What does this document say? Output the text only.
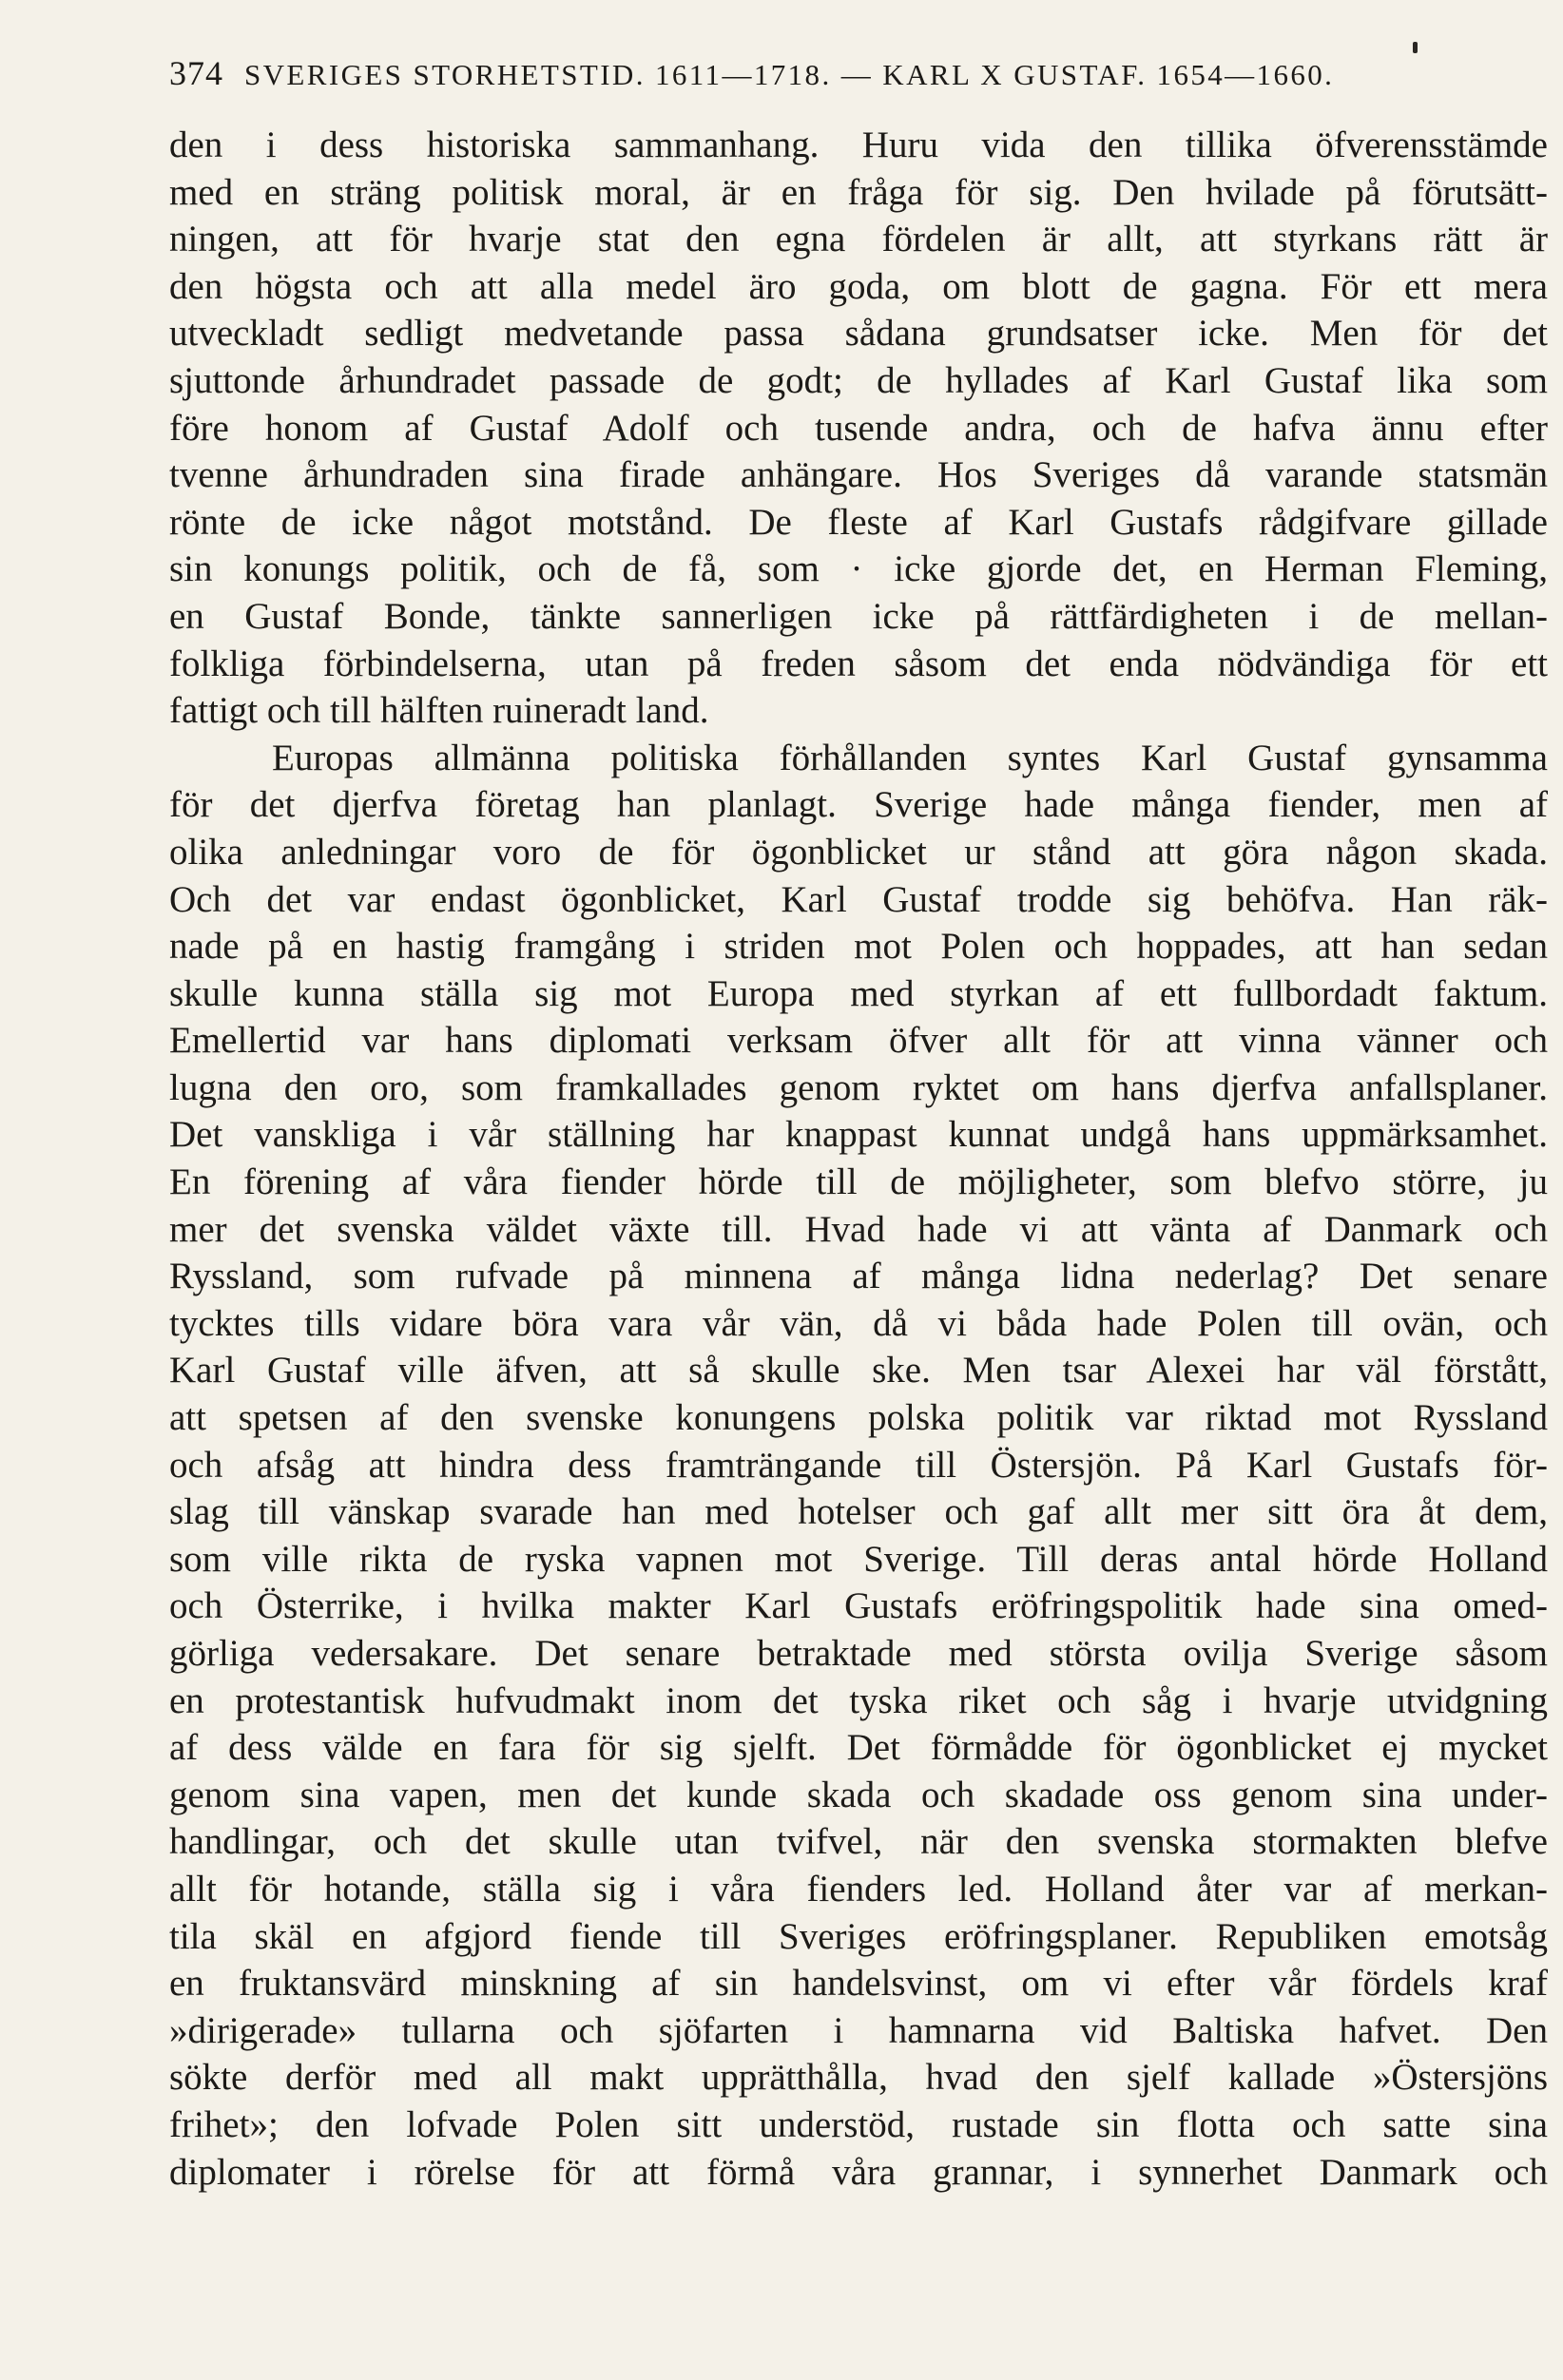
374 SVERIGES STORHETSTID. 1611—1718. — KARL X GUSTAF. 1654—1660.
den i dess historiska sammanhang. Huru vida den tillika öfverensstämde
med en sträng politisk moral, är en fråga för sig. Den hvilade på förutsätt-
ningen, att för hvarje stat den egna fördelen är allt, att styrkans rätt är
den högsta och att alla medel äro goda, om blott de gagna. För ett mera
utveckladt sedligt medvetande passa sådana grundsatser icke. Men för det
sjuttonde århundradet passade de godt; de hyllades af Karl Gustaf lika som
före honom af Gustaf Adolf och tusende andra, och de hafva ännu efter
tvenne århundraden sina firade anhängare. Hos Sveriges då varande statsmän
rönte de icke något motstånd. De fleste af Karl Gustafs rådgifvare gillade
sin konungs politik, och de få, som · icke gjorde det, en Herman Fleming,
en Gustaf Bonde, tänkte sannerligen icke på rättfärdigheten i de mellan-
folkliga förbindelserna, utan på freden såsom det enda nödvändiga för ett
fattigt och till hälften ruineradt land.
Europas allmänna politiska förhållanden syntes Karl Gustaf gynsamma
för det djerfva företag han planlagt. Sverige hade många fiender, men af
olika anledningar voro de för ögonblicket ur stånd att göra någon skada.
Och det var endast ögonblicket, Karl Gustaf trodde sig behöfva. Han räk-
nade på en hastig framgång i striden mot Polen och hoppades, att han sedan
skulle kunna ställa sig mot Europa med styrkan af ett fullbordadt faktum.
Emellertid var hans diplomati verksam öfver allt för att vinna vänner och
lugna den oro, som framkallades genom ryktet om hans djerfva anfallsplaner.
Det vanskliga i vår ställning har knappast kunnat undgå hans uppmärksamhet.
En förening af våra fiender hörde till de möjligheter, som blefvo större, ju
mer det svenska väldet växte till. Hvad hade vi att vänta af Danmark och
Ryssland, som rufvade på minnena af många lidna nederlag? Det senare
tycktes tills vidare böra vara vår vän, då vi båda hade Polen till ovän, och
Karl Gustaf ville äfven, att så skulle ske. Men tsar Alexei har väl förstått,
att spetsen af den svenske konungens polska politik var riktad mot Ryssland
och afsåg att hindra dess framträngande till Östersjön. På Karl Gustafs för-
slag till vänskap svarade han med hotelser och gaf allt mer sitt öra åt dem,
som ville rikta de ryska vapnen mot Sverige. Till deras antal hörde Holland
och Österrike, i hvilka makter Karl Gustafs eröfringspolitik hade sina omed-
görliga vedersakare. Det senare betraktade med största ovilja Sverige såsom
en protestantisk hufvudmakt inom det tyska riket och såg i hvarje utvidgning
af dess välde en fara för sig sjelft. Det förmådde för ögonblicket ej mycket
genom sina vapen, men det kunde skada och skadade oss genom sina under-
handlingar, och det skulle utan tvifvel, när den svenska stormakten blefve
allt för hotande, ställa sig i våra fienders led. Holland åter var af merkan-
tila skäl en afgjord fiende till Sveriges eröfringsplaner. Republiken emotsåg
en fruktansvärd minskning af sin handelsvinst, om vi efter vår fördels kraf
»dirigerade» tullarna och sjöfarten i hamnarna vid Baltiska hafvet. Den
sökte derför med all makt upprätthålla, hvad den sjelf kallade »Östersjöns
frihet»; den lofvade Polen sitt understöd, rustade sin flotta och satte sina
diplomater i rörelse för att förmå våra grannar, i synnerhet Danmark och
